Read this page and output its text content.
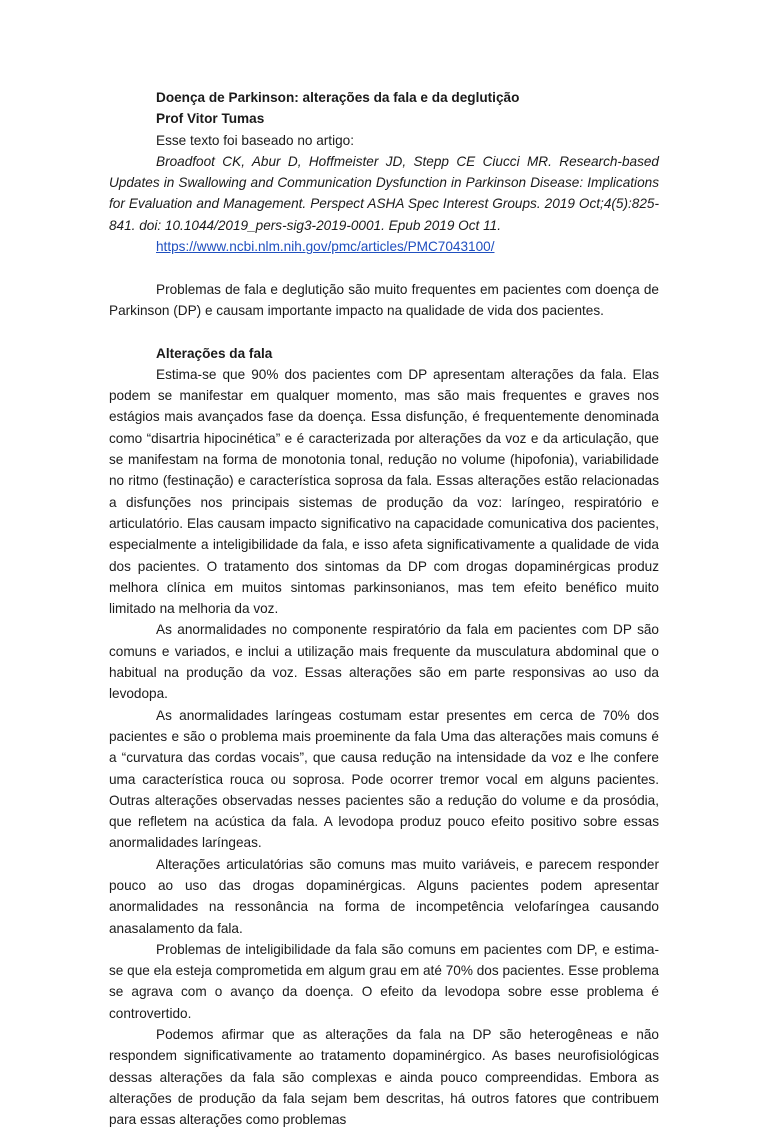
Doença de Parkinson: alterações da fala e da deglutição

Prof Vitor Tumas

Esse texto foi baseado no artigo:

Broadfoot CK, Abur D, Hoffmeister JD, Stepp CE Ciucci MR. Research-based Updates in Swallowing and Communication Dysfunction in Parkinson Disease: Implications for Evaluation and Management. Perspect ASHA Spec Interest Groups. 2019 Oct;4(5):825-841. doi: 10.1044/2019_pers-sig3-2019-0001. Epub 2019 Oct 11.

https://www.ncbi.nlm.nih.gov/pmc/articles/PMC7043100/

Problemas de fala e deglutição são muito frequentes em pacientes com doença de Parkinson (DP) e causam importante impacto na qualidade de vida dos pacientes.

Alterações da fala

Estima-se que 90% dos pacientes com DP apresentam alterações da fala. Elas podem se manifestar em qualquer momento, mas são mais frequentes e graves nos estágios mais avançados fase da doença. Essa disfunção, é frequentemente denominada como “disartria hipocinética” e é caracterizada por alterações da voz e da articulação, que se manifestam na forma de monotonia tonal, redução no volume (hipofonia), variabilidade no ritmo (festinação) e característica soprosa da fala. Essas alterações estão relacionadas a disfunções nos principais sistemas de produção da voz: laríngeo, respiratório e articulatório. Elas causam impacto significativo na capacidade comunicativa dos pacientes, especialmente a inteligibilidade da fala, e isso afeta significativamente a qualidade de vida dos pacientes. O tratamento dos sintomas da DP com drogas dopaminérgicas produz melhora clínica em muitos sintomas parkinsonianos, mas tem efeito benéfico muito limitado na melhoria da voz.

As anormalidades no componente respiratório da fala em pacientes com DP são comuns e variados, e inclui a utilização mais frequente da musculatura abdominal que o habitual na produção da voz. Essas alterações são em parte responsivas ao uso da levodopa.

As anormalidades laríngeas costumam estar presentes em cerca de 70% dos pacientes e são o problema mais proeminente da fala Uma das alterações mais comuns é a “curvatura das cordas vocais”, que causa redução na intensidade da voz e lhe confere uma característica rouca ou soprosa. Pode ocorrer tremor vocal em alguns pacientes. Outras alterações observadas nesses pacientes são a redução do volume e da prosódia, que refletem na acústica da fala. A levodopa produz pouco efeito positivo sobre essas anormalidades laríngeas.

Alterações articulatórias são comuns mas muito variáveis, e parecem responder pouco ao uso das drogas dopaminérgicas. Alguns pacientes podem apresentar anormalidades na ressonância na forma de incompetência velofaríngea causando anasalamento da fala.

Problemas de inteligibilidade da fala são comuns em pacientes com DP, e estima-se que ela esteja comprometida em algum grau em até 70% dos pacientes. Esse problema se agrava com o avanço da doença. O efeito da levodopa sobre esse problema é controvertido.

Podemos afirmar que as alterações da fala na DP são heterogêneas e não respondem significativamente ao tratamento dopaminérgico. As bases neurofisiológicas dessas alterações da fala são complexas e ainda pouco compreendidas. Embora as alterações de produção da fala sejam bem descritas, há outros fatores que contribuem para essas alterações como problemas
